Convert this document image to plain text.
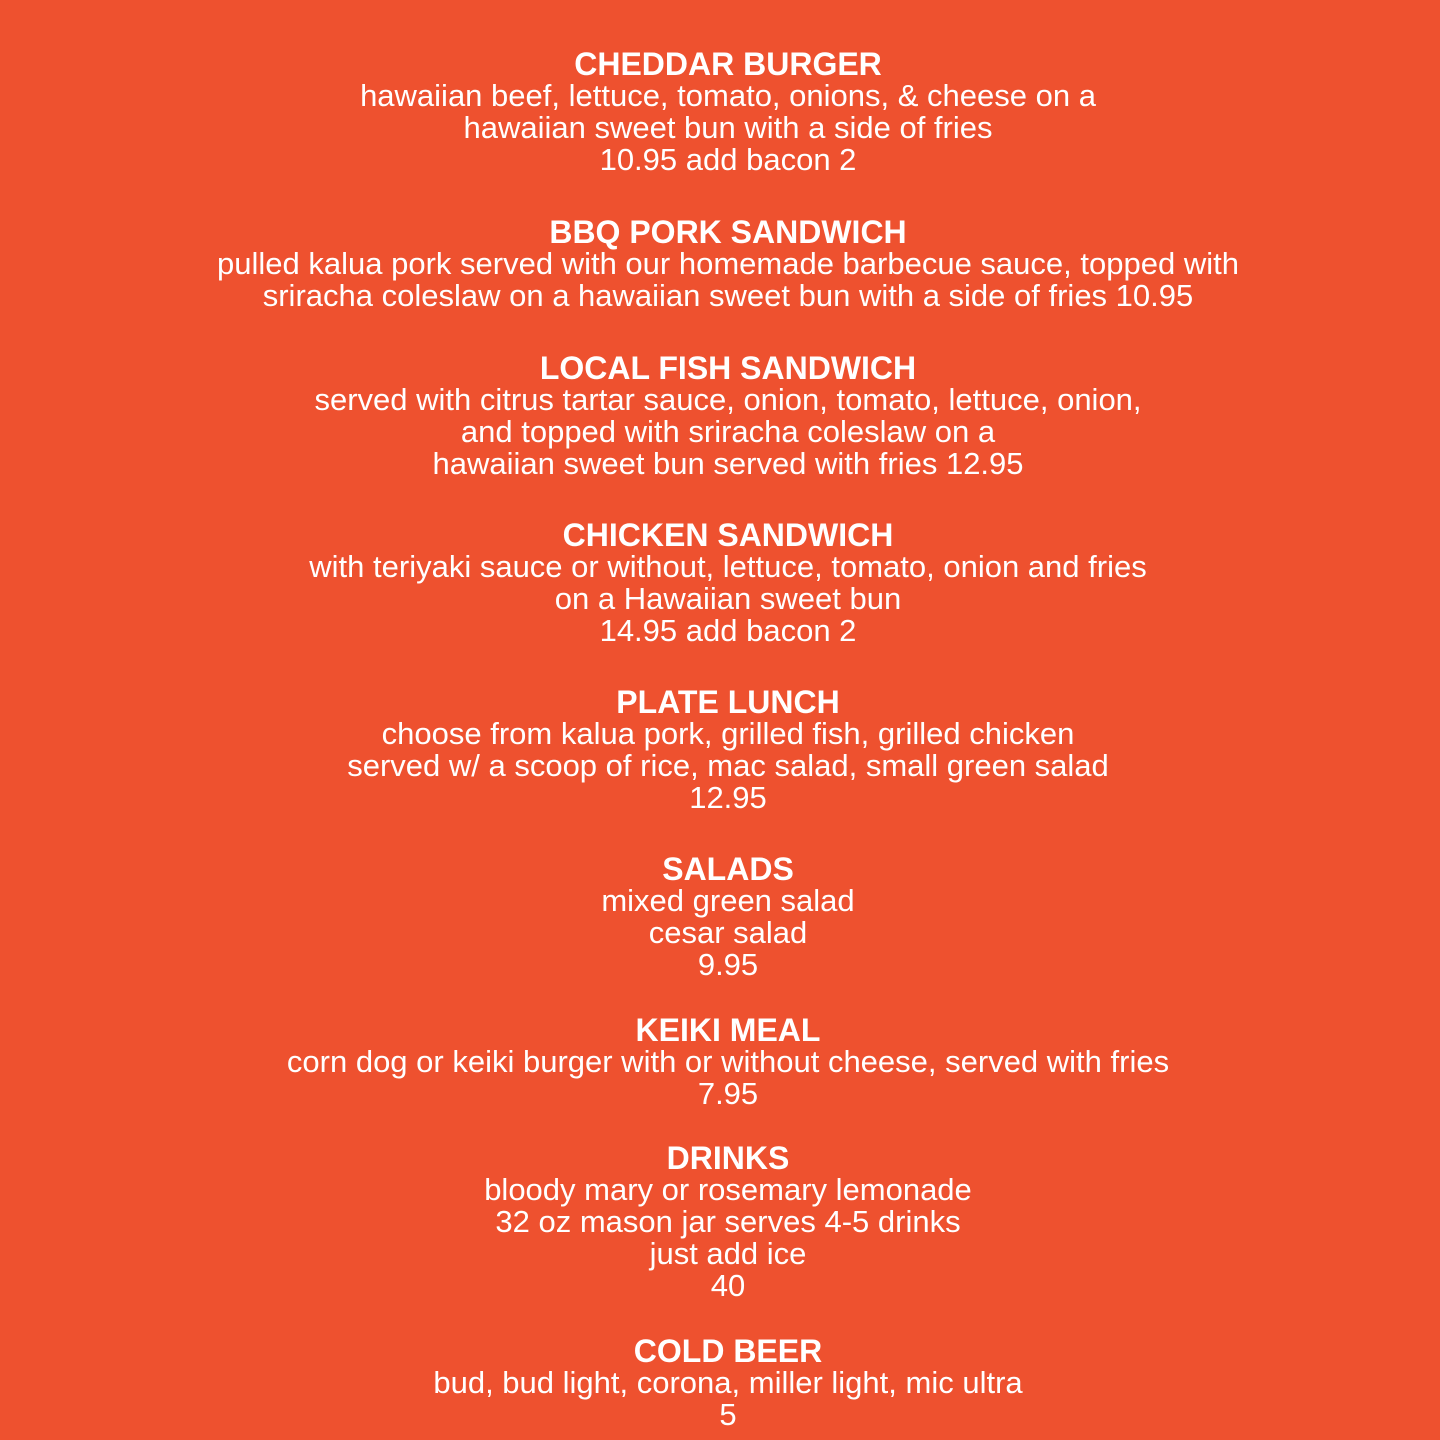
CHEDDAR BURGER
hawaiian beef, lettuce, tomato, onions, & cheese on a
hawaiian sweet bun with a side of fries
10.95 add bacon 2
BBQ PORK SANDWICH
pulled kalua pork served with our homemade barbecue sauce, topped with
sriracha coleslaw on a hawaiian sweet bun with a side of fries 10.95
LOCAL FISH SANDWICH
served with citrus tartar sauce, onion, tomato, lettuce, onion,
and topped with sriracha coleslaw on a
hawaiian sweet bun served with fries 12.95
CHICKEN SANDWICH
with teriyaki sauce or without, lettuce, tomato, onion and fries
on a Hawaiian sweet bun
14.95 add bacon 2
PLATE LUNCH
choose from kalua pork, grilled fish, grilled chicken
served w/ a scoop of rice, mac salad, small green salad
12.95
SALADS
mixed green salad
cesar salad
9.95
KEIKI MEAL
corn dog or keiki burger with or without cheese, served with fries
7.95
DRINKS
bloody mary or rosemary lemonade
32 oz mason jar serves 4-5 drinks
just add ice
40
COLD BEER
bud, bud light, corona, miller light, mic ultra
5
